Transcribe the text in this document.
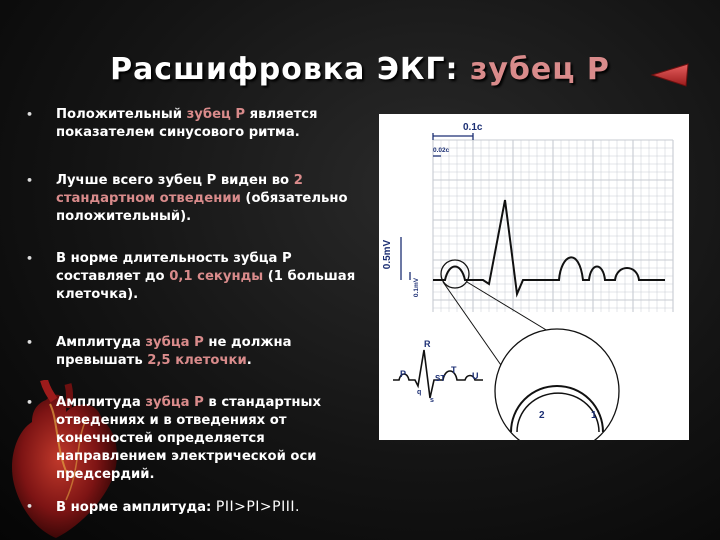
Расшифровка ЭКГ: зубец P
• Положительный зубец Р является показателем синусового ритма.
• Лучше всего зубец Р виден во 2 стандартном отведении (обязательно положительный).
• В норме длительность зубца Р составляет до 0,1 секунды (1 большая клеточка).
• Амплитуда зубца Р не должна превышать 2,5 клеточки.
• Амплитуда зубца Р в стандартных отведениях и в отведениях от конечностей определяется направлением электрической оси предсердий.
• В норме амплитуда: PII>PI>PIII.
0.1с
0.02с
0.5mV
0.1mV
R
P	T
U
ST
q
s
2	1
